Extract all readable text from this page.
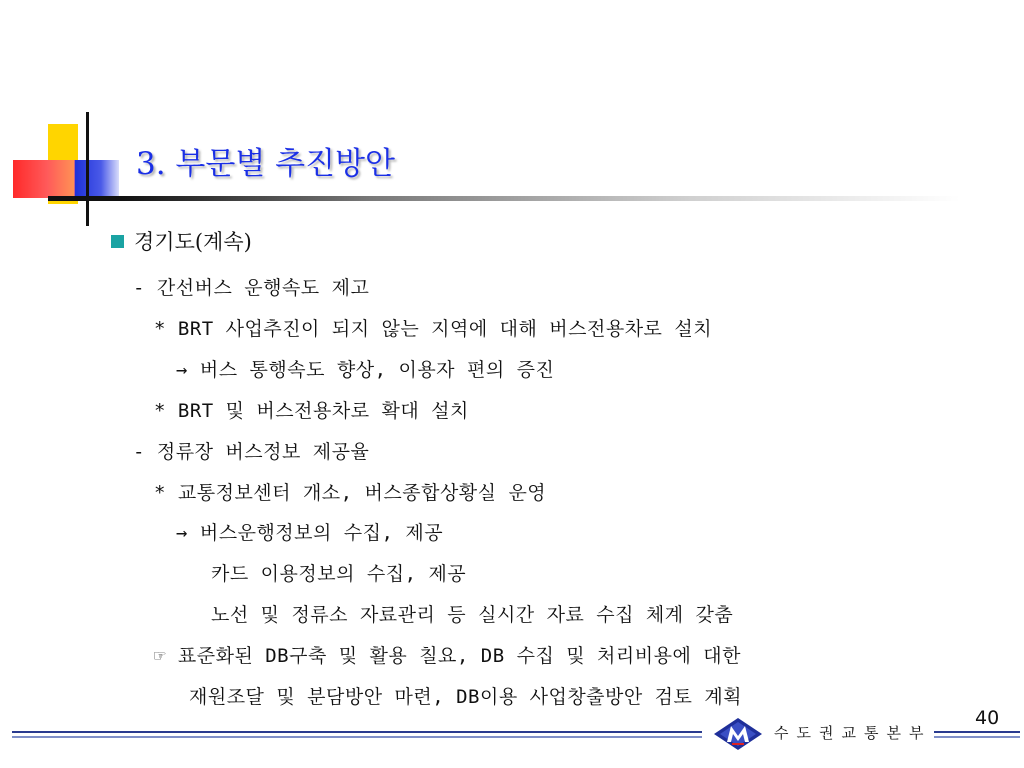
3. 부문별 추진방안
경기도(계속)
- 간선버스 운행속도 제고
* BRT 사업추진이 되지 않는 지역에 대해 버스전용차로 설치
→ 버스 통행속도 향상, 이용자 편의 증진
* BRT 및 버스전용차로 확대 설치
- 정류장 버스정보 제공율
* 교통정보센터 개소, 버스종합상황실 운영
→ 버스운행정보의 수집, 제공
카드 이용정보의 수집, 제공
노선 및 정류소 자료관리 등 실시간 자료 수집 체계 갖춤
☞ 표준화된 DB구축 및 활용 칠요, DB 수집 및 처리비용에 대한
재원조달 및 분담방안 마련, DB이용 사업창출방안 검토 계획
수도권교통본부
40
